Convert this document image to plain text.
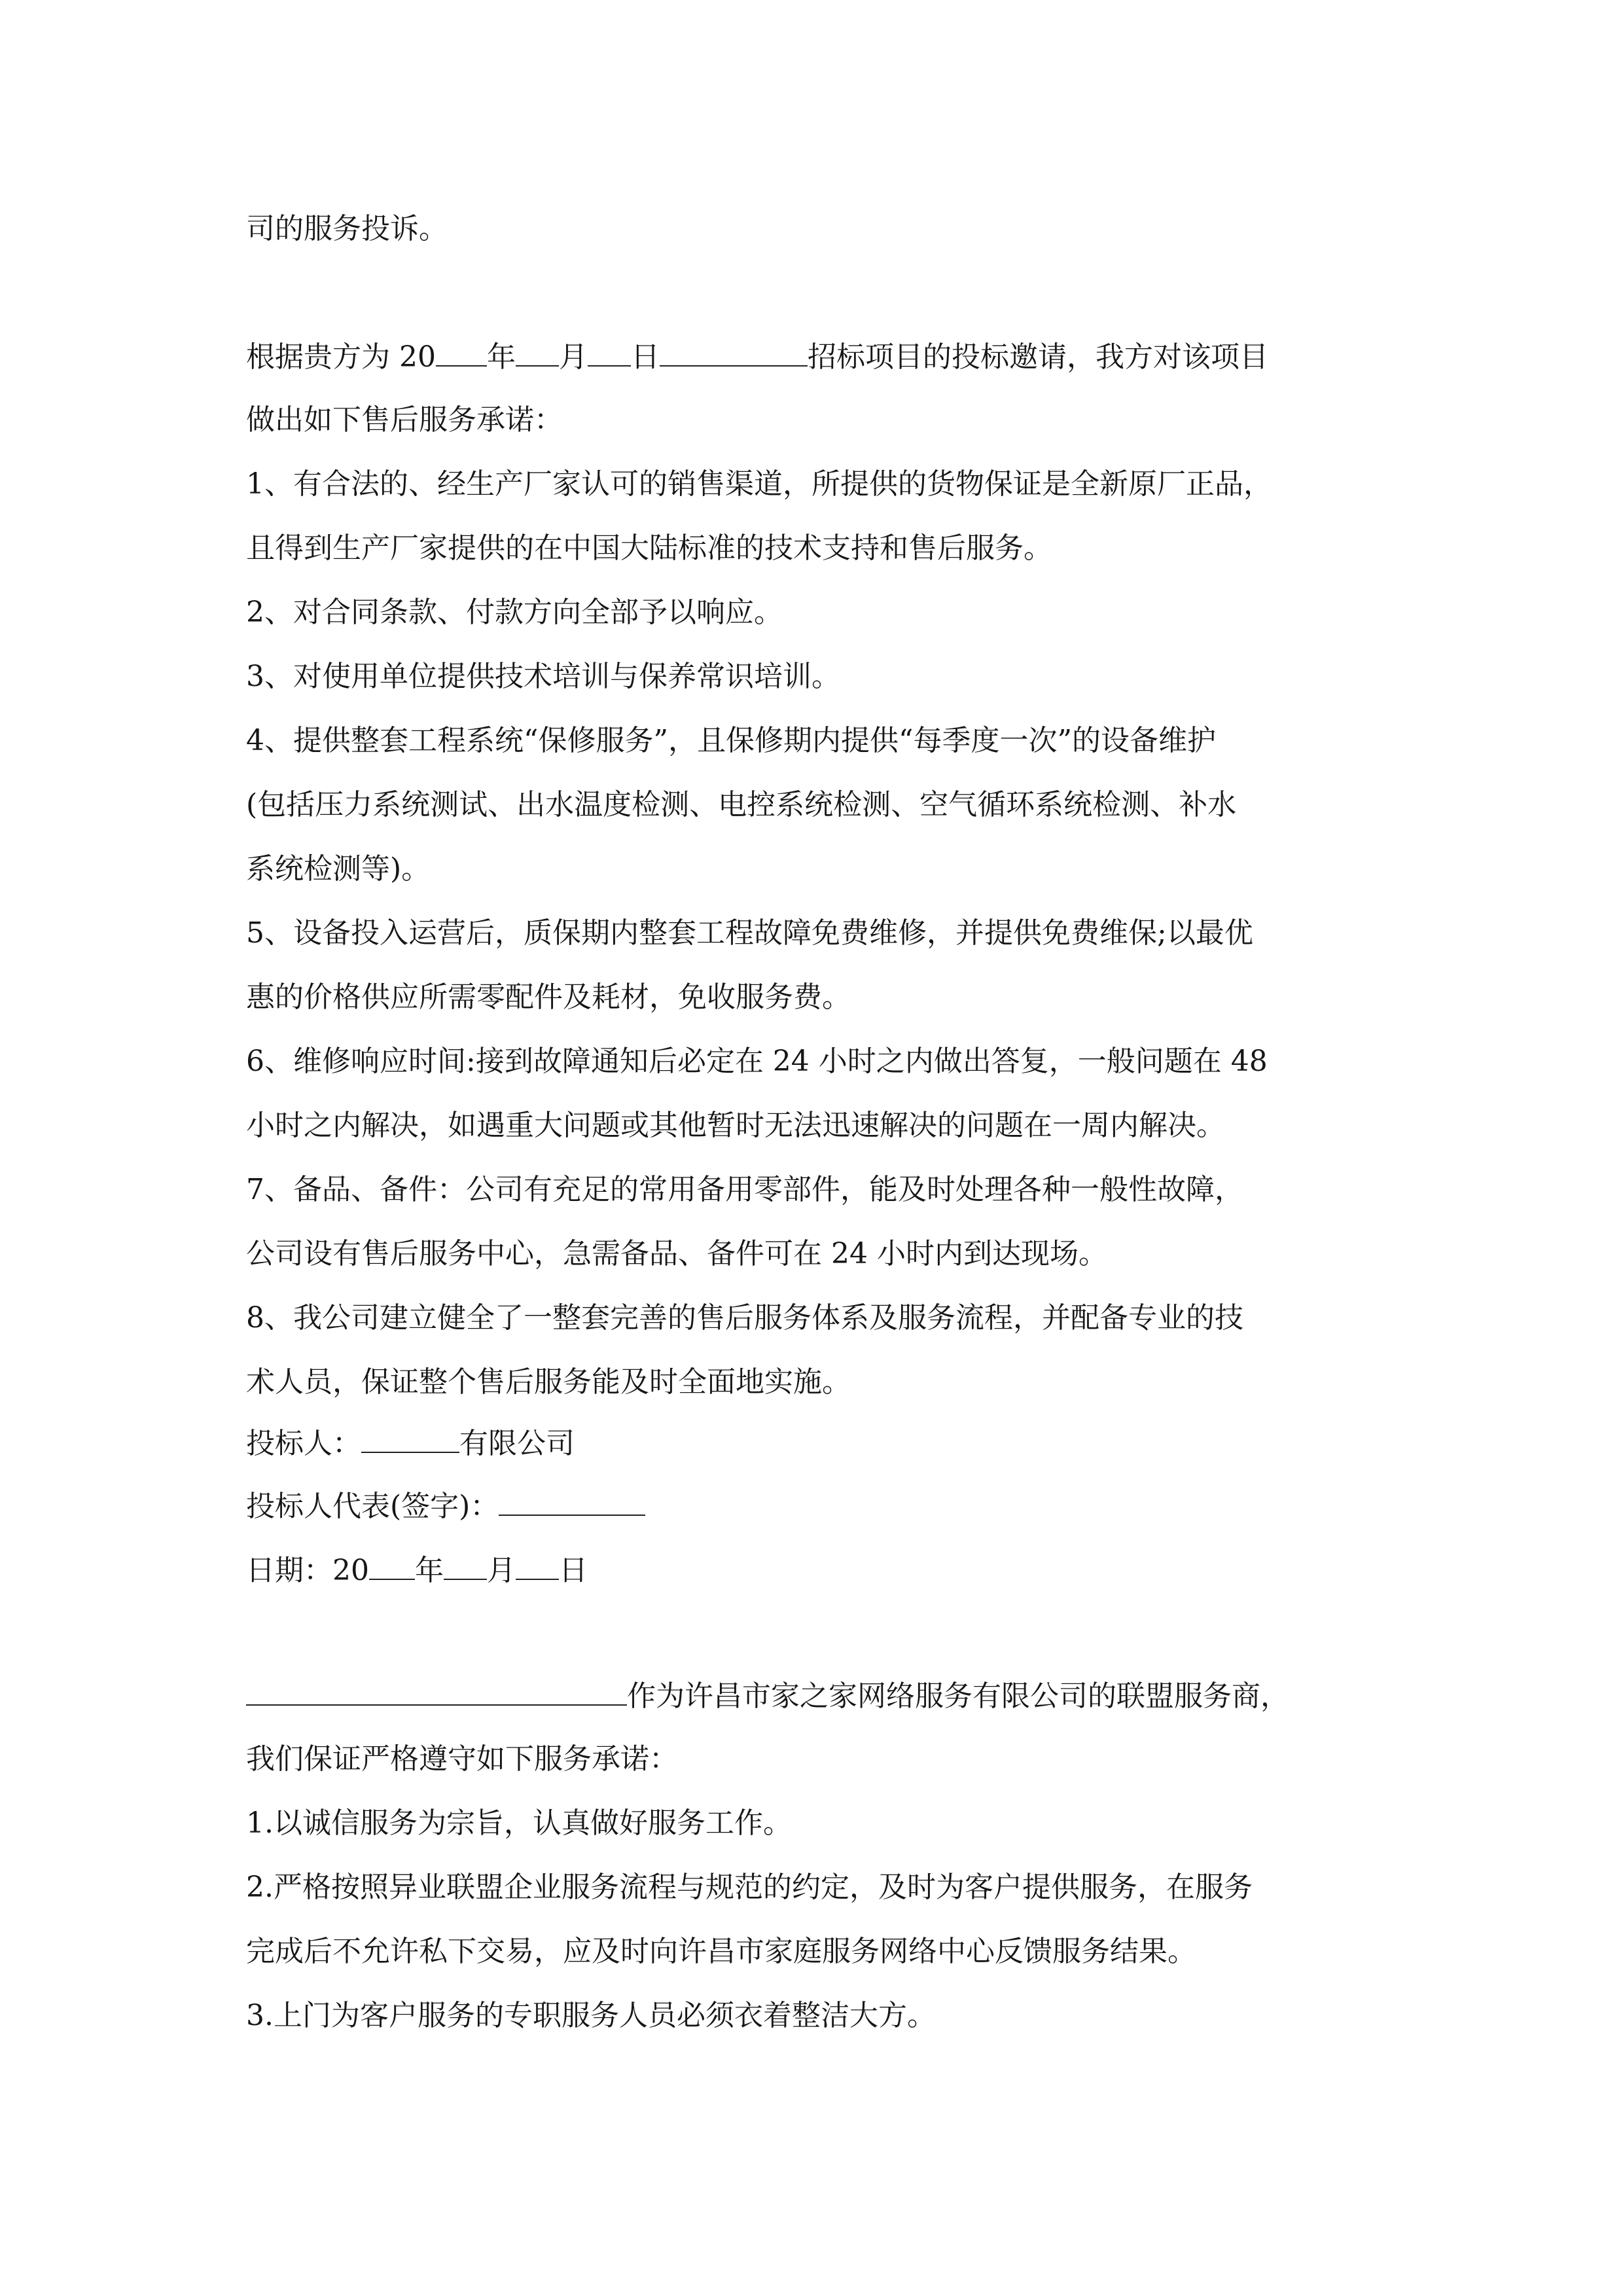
司的服务投诉。

根据贵方为 20 年 月 日	招标项目的投标邀请，我方对该项目

做出如下售后服务承诺：

1、有合法的、经生产厂家认可的销售渠道，所提供的货物保证是全新原厂正品，

且得到生产厂家提供的在中国大陆标准的技术支持和售后服务。

2、对合同条款、付款方向全部予以响应。

3、对使用单位提供技术培训与保养常识培训。

4、提供整套工程系统“保修服务”，且保修期内提供“每季度一次”的设备维护

(包括压力系统测试、出水温度检测、电控系统检测、空气循环系统检测、补水

系统检测等)。

5、设备投入运营后，质保期内整套工程故障免费维修，并提供免费维保;以最优

惠的价格供应所需零配件及耗材，免收服务费。

6、维修响应时间:接到故障通知后必定在 24 小时之内做出答复，一般问题在 48

小时之内解决，如遇重大问题或其他暂时无法迅速解决的问题在一周内解决。

7、备品、备件：公司有充足的常用备用零部件，能及时处理各种一般性故障，

公司设有售后服务中心，急需备品、备件可在 24 小时内到达现场。

8、我公司建立健全了一整套完善的售后服务体系及服务流程，并配备专业的技

术人员，保证整个售后服务能及时全面地实施。

投标人：	有限公司

投标人代表(签字)：

日期：20 年 月 日

作为许昌市家之家网络服务有限公司的联盟服务商，

我们保证严格遵守如下服务承诺：

1.以诚信服务为宗旨，认真做好服务工作。

2.严格按照异业联盟企业服务流程与规范的约定，及时为客户提供服务，在服务

完成后不允许私下交易，应及时向许昌市家庭服务网络中心反馈服务结果。

3.上门为客户服务的专职服务人员必须衣着整洁大方。
